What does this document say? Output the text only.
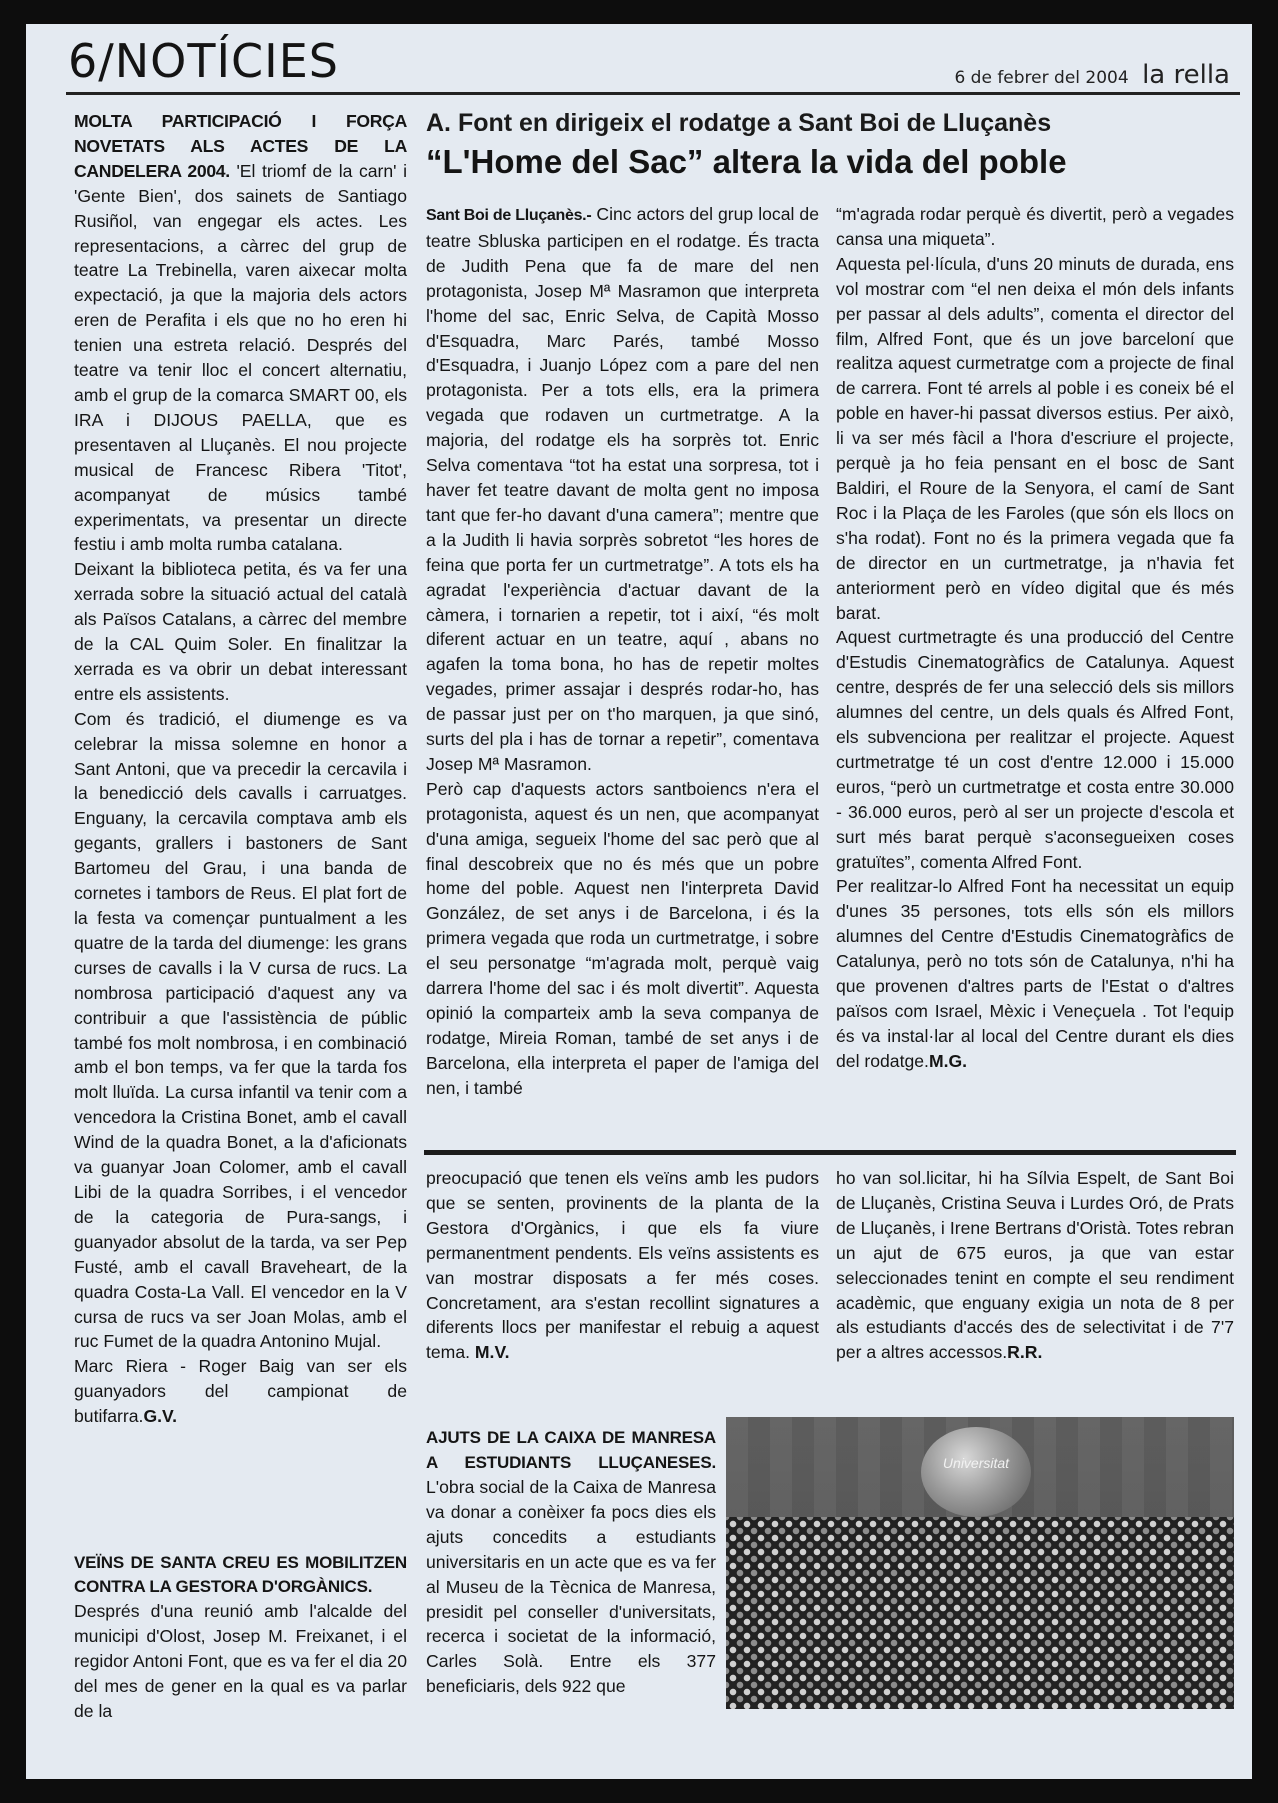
6/NOTÍCIES	6 de febrer del 2004 la rella

MOLTA PARTICIPACIÓ I FORÇA NOVETATS ALS ACTES DE LA CANDELERA 2004. 'El triomf de la carn' i 'Gente Bien', dos sainets de Santiago Rusiñol, van engegar els actes. Les representacions, a càrrec del grup de teatre La Trebinella, varen aixecar molta expectació, ja que la majoria dels actors eren de Perafita i els que no ho eren hi tenien una estreta relació. Després del teatre va tenir lloc el concert alternatiu, amb el grup de la comarca SMART 00, els IRA i DIJOUS PAELLA, que es presentaven al Lluçanès. El nou projecte musical de Francesc Ribera 'Titot', acompanyat de músics també experimentats, va presentar un directe festiu i amb molta rumba catalana.

Deixant la biblioteca petita, és va fer una xerrada sobre la situació actual del català als Països Catalans, a càrrec del membre de la CAL Quim Soler. En finalitzar la xerrada es va obrir un debat interessant entre els assistents.

Com és tradició, el diumenge es va celebrar la missa solemne en honor a Sant Antoni, que va precedir la cercavila i la benedicció dels cavalls i carruatges. Enguany, la cercavila comptava amb els gegants, grallers i bastoners de Sant Bartomeu del Grau, i una banda de cornetes i tambors de Reus. El plat fort de la festa va començar puntualment a les quatre de la tarda del diumenge: les grans curses de cavalls i la V cursa de rucs. La nombrosa participació d'aquest any va contribuir a que l'assistència de públic també fos molt nombrosa, i en combinació amb el bon temps, va fer que la tarda fos molt lluïda. La cursa infantil va tenir com a vencedora la Cristina Bonet, amb el cavall Wind de la quadra Bonet, a la d'aficionats va guanyar Joan Colomer, amb el cavall Libi de la quadra Sorribes, i el vencedor de la categoria de Pura-sangs, i guanyador absolut de la tarda, va ser Pep Fusté, amb el cavall Braveheart, de la quadra Costa-La Vall. El vencedor en la V cursa de rucs va ser Joan Molas, amb el ruc Fumet de la quadra Antonino Mujal.

Marc Riera - Roger Baig van ser els guanyadors del campionat de butifarra.G.V.

VEÏNS DE SANTA CREU ES MOBILITZEN CONTRA LA GESTORA D'ORGÀNICS.

Després d'una reunió amb l'alcalde del municipi d'Olost, Josep M. Freixanet, i el regidor Antoni Font, que es va fer el dia 20 del mes de gener en la qual es va parlar de la

A. Font en dirigeix el rodatge a Sant Boi de Lluçanès

“L'Home del Sac” altera la vida del poble

Sant Boi de Lluçanès.- Cinc actors del grup local de teatre Sbluska participen en el rodatge. És tracta de Judith Pena que fa de mare del nen protagonista, Josep Mª Masramon que interpreta l'home del sac, Enric Selva, de Capità Mosso d'Esquadra, Marc Parés, també Mosso d'Esquadra, i Juanjo López com a pare del nen protagonista. Per a tots ells, era la primera vegada que rodaven un curtmetratge. A la majoria, del rodatge els ha sorprès tot. Enric Selva comentava “tot ha estat una sorpresa, tot i haver fet teatre davant de molta gent no imposa tant que fer-ho davant d'una camera”; mentre que a la Judith li havia sorprès sobretot “les hores de feina que porta fer un curtmetratge”. A tots els ha agradat l'experiència d'actuar davant de la càmera, i tornarien a repetir, tot i així, “és molt diferent actuar en un teatre, aquí , abans no agafen la toma bona, ho has de repetir moltes vegades, primer assajar i després rodar-ho, has de passar just per on t'ho marquen, ja que sinó, surts del pla i has de tornar a repetir”, comentava Josep Mª Masramon.

Però cap d'aquests actors santboiencs n'era el protagonista, aquest és un nen, que acompanyat d'una amiga, segueix l'home del sac però que al final descobreix que no és més que un pobre home del poble. Aquest nen l'interpreta David González, de set anys i de Barcelona, i és la primera vegada que roda un curtmetratge, i sobre el seu personatge “m'agrada molt, perquè vaig darrera l'home del sac i és molt divertit”. Aquesta opinió la comparteix amb la seva companya de rodatge, Mireia Roman, també de set anys i de Barcelona, ella interpreta el paper de l'amiga del nen, i també

“m'agrada rodar perquè és divertit, però a vegades cansa una miqueta”.

Aquesta pel·lícula, d'uns 20 minuts de durada, ens vol mostrar com “el nen deixa el món dels infants per passar al dels adults”, comenta el director del film, Alfred Font, que és un jove barceloní que realitza aquest curmetratge com a projecte de final de carrera. Font té arrels al poble i es coneix bé el poble en haver-hi passat diversos estius. Per això, li va ser més fàcil a l'hora d'escriure el projecte, perquè ja ho feia pensant en el bosc de Sant Baldiri, el Roure de la Senyora, el camí de Sant Roc i la Plaça de les Faroles (que són els llocs on s'ha rodat). Font no és la primera vegada que fa de director en un curtmetratge, ja n'havia fet anteriorment però en vídeo digital que és més barat.

Aquest curtmetragte és una producció del Centre d'Estudis Cinematogràfics de Catalunya. Aquest centre, després de fer una selecció dels sis millors alumnes del centre, un dels quals és Alfred Font, els subvenciona per realitzar el projecte. Aquest curtmetratge té un cost d'entre 12.000 i 15.000 euros, “però un curtmetratge et costa entre 30.000 - 36.000 euros, però al ser un projecte d'escola et surt més barat perquè s'aconsegueixen coses gratuïtes”, comenta Alfred Font.

Per realitzar-lo Alfred Font ha necessitat un equip d'unes 35 persones, tots ells són els millors alumnes del Centre d'Estudis Cinematogràfics de Catalunya, però no tots són de Catalunya, n'hi ha que provenen d'altres parts de l'Estat o d'altres països com Israel, Mèxic i Veneçuela . Tot l'equip és va instal·lar al local del Centre durant els dies del rodatge.M.G.

preocupació que tenen els veïns amb les pudors que se senten, provinents de la planta de la Gestora d'Orgànics, i que els fa viure permanentment pendents. Els veïns assistents es van mostrar disposats a fer més coses. Concretament, ara s'estan recollint signatures a diferents llocs per manifestar el rebuig a aquest tema. M.V.

ho van sol.licitar, hi ha Sílvia Espelt, de Sant Boi de Lluçanès, Cristina Seuva i Lurdes Oró, de Prats de Lluçanès, i Irene Bertrans d'Oristà. Totes rebran un ajut de 675 euros, ja que van estar seleccionades tenint en compte el seu rendiment acadèmic, que enguany exigia un nota de 8 per als estudiants d'accés des de selectivitat i de 7'7 per a altres accessos.R.R.

AJUTS DE LA CAIXA DE MANRESA A ESTUDIANTS LLUÇANESES. L'obra social de la Caixa de Manresa va donar a conèixer fa pocs dies els ajuts concedits a estudiants universitaris en un acte que es va fer al Museu de la Tècnica de Manresa, presidit pel conseller d'universitats, recerca i societat de la informació, Carles Solà. Entre els 377 beneficiaris, dels 922 que

Universitat
